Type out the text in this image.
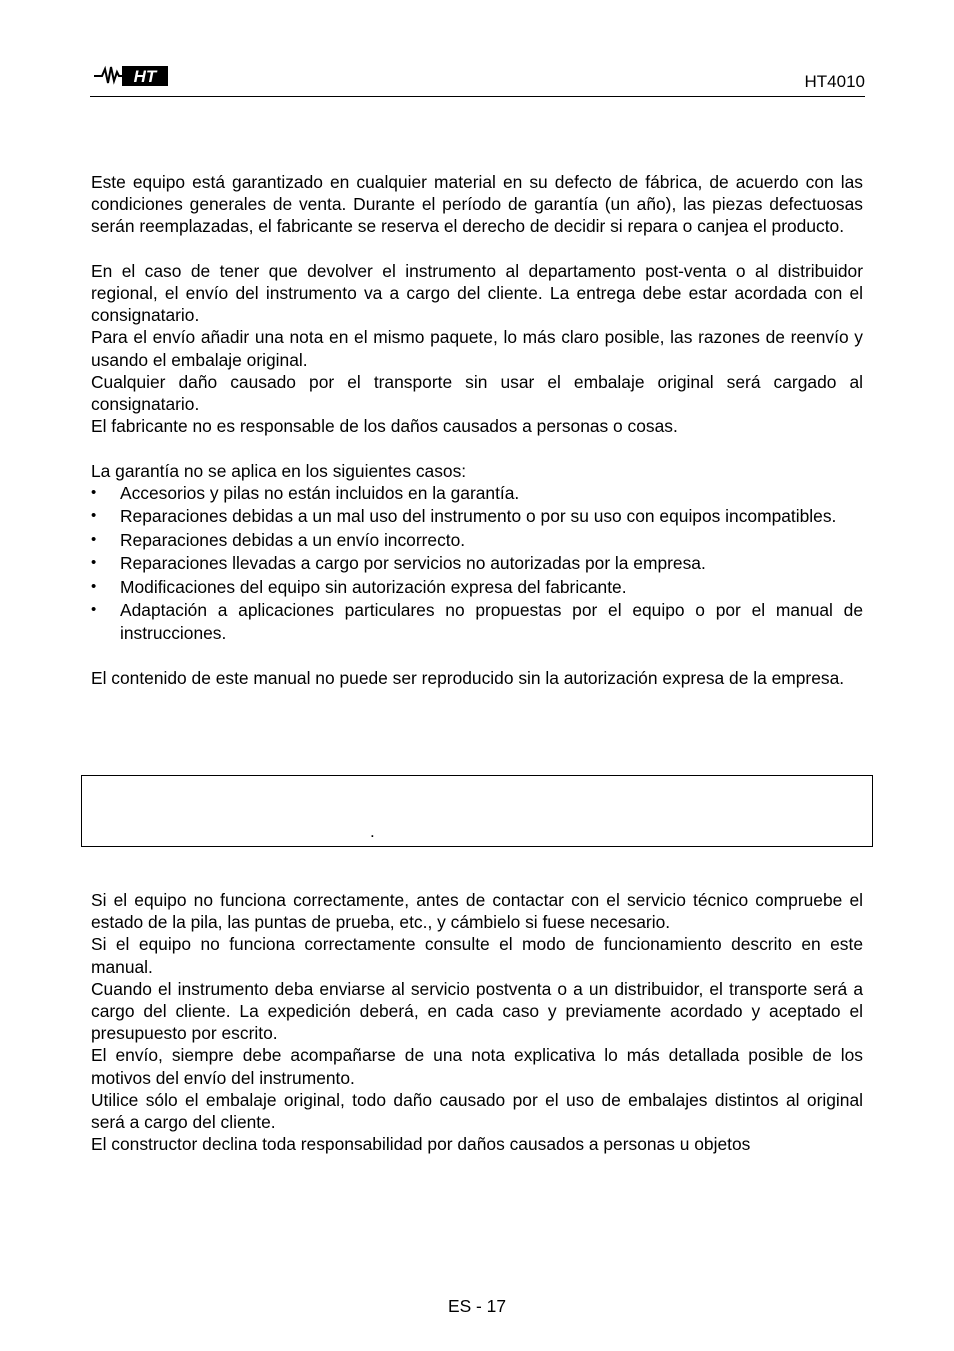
HT	HT4010

Este equipo está garantizado en cualquier material en su defecto de fábrica, de acuerdo con las condiciones generales de venta. Durante el período de garantía (un año), las piezas defectuosas serán reemplazadas, el fabricante se reserva el derecho de decidir si repara o canjea el producto.

En el caso de tener que devolver el instrumento al departamento post-venta o al distribuidor regional, el envío del instrumento va a cargo del cliente. La entrega debe estar acordada con el consignatario.

Para el envío añadir una nota en el mismo paquete, lo más claro posible, las razones de reenvío y usando el embalaje original.

Cualquier daño causado por el transporte sin usar el embalaje original será cargado al consignatario.

El fabricante no es responsable de los daños causados a personas o cosas.

La garantía no se aplica en los siguientes casos:

•	Accesorios y pilas no están incluidos en la garantía.
•	Reparaciones debidas a un mal uso del instrumento o por su uso con equipos incompatibles.
•	Reparaciones debidas a un envío incorrecto.
•	Reparaciones llevadas a cargo por servicios no autorizadas por la empresa.
•	Modificaciones del equipo sin autorización expresa del fabricante.
•	Adaptación a aplicaciones particulares no propuestas por el equipo o por el manual de instrucciones.

El contenido de este manual no puede ser reproducido sin la autorización expresa de la empresa.

.

Si el equipo no funciona correctamente, antes de contactar con el servicio técnico compruebe el estado de la pila, las puntas de prueba, etc., y cámbielo si fuese necesario.

Si el equipo no funciona correctamente consulte el modo de funcionamiento descrito en este manual.

Cuando el instrumento deba enviarse al servicio postventa o a un distribuidor, el transporte será a cargo del cliente. La expedición deberá, en cada caso y previamente acordado y aceptado el presupuesto por escrito.

El envío, siempre debe acompañarse de una nota explicativa lo más detallada posible de los motivos del envío del instrumento.

Utilice sólo el embalaje original, todo daño causado por el uso de embalajes distintos al original será a cargo del cliente.

El constructor declina toda responsabilidad por daños causados a personas u objetos

ES - 17
